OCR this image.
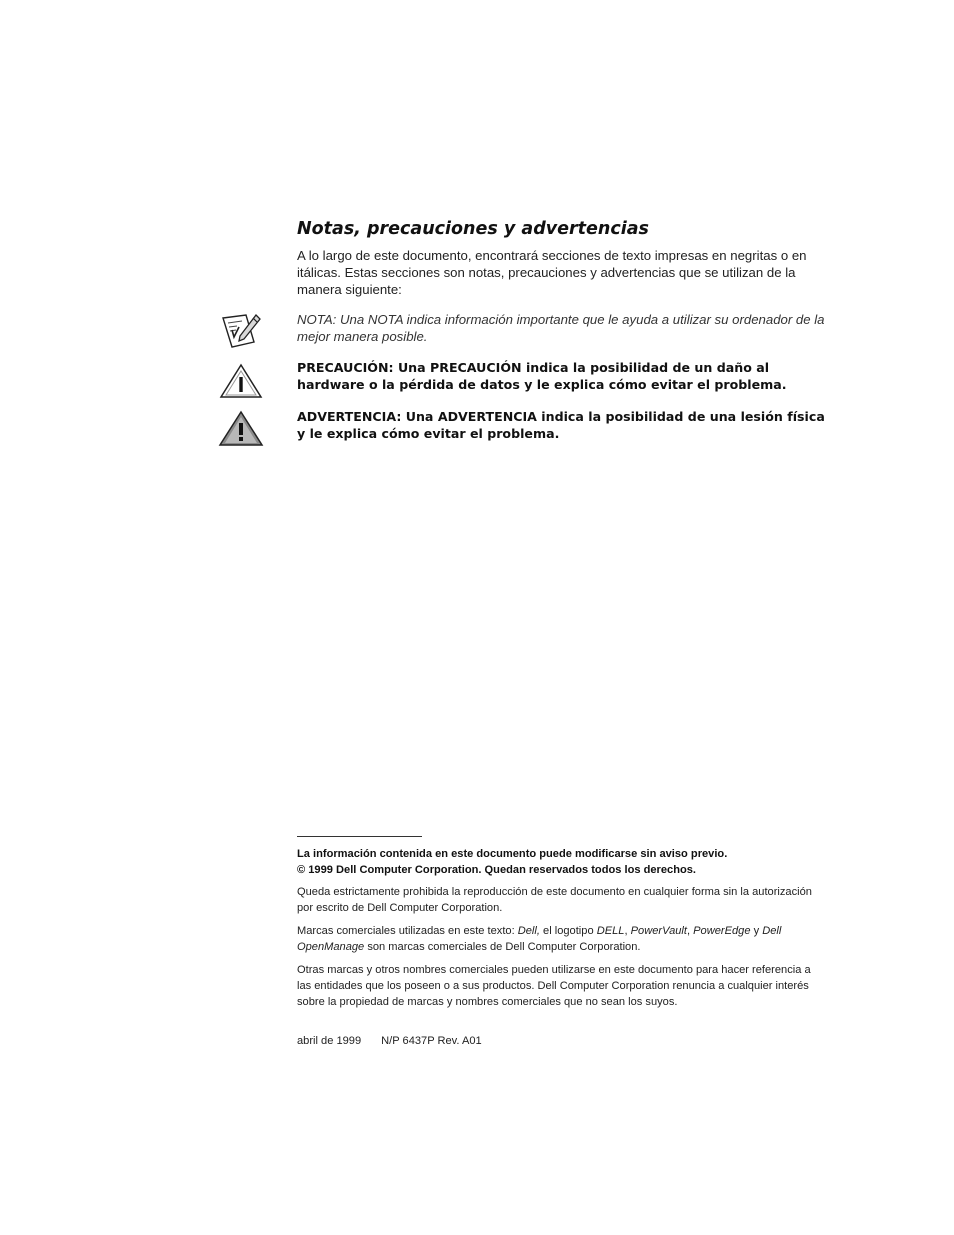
Notas, precauciones y advertencias

A lo largo de este documento, encontrará secciones de texto impresas en negritas o en itálicas. Estas secciones son notas, precauciones y advertencias que se utilizan de la manera siguiente:

NOTA: Una NOTA indica información importante que le ayuda a utilizar su ordenador de la mejor manera posible.

PRECAUCIÓN: Una PRECAUCIÓN indica la posibilidad de un daño al hardware o la pérdida de datos y le explica cómo evitar el problema.

ADVERTENCIA: Una ADVERTENCIA indica la posibilidad de una lesión física y le explica cómo evitar el problema.

La información contenida en este documento puede modificarse sin aviso previo.
© 1999 Dell Computer Corporation. Quedan reservados todos los derechos.

Queda estrictamente prohibida la reproducción de este documento en cualquier forma sin la autorización por escrito de Dell Computer Corporation.

Marcas comerciales utilizadas en este texto: Dell, el logotipo DELL, PowerVault, PowerEdge y Dell OpenManage son marcas comerciales de Dell Computer Corporation.

Otras marcas y otros nombres comerciales pueden utilizarse en este documento para hacer referencia a las entidades que los poseen o a sus productos. Dell Computer Corporation renuncia a cualquier interés sobre la propiedad de marcas y nombres comerciales que no sean los suyos.

abril de 1999 N/P 6437P Rev. A01
